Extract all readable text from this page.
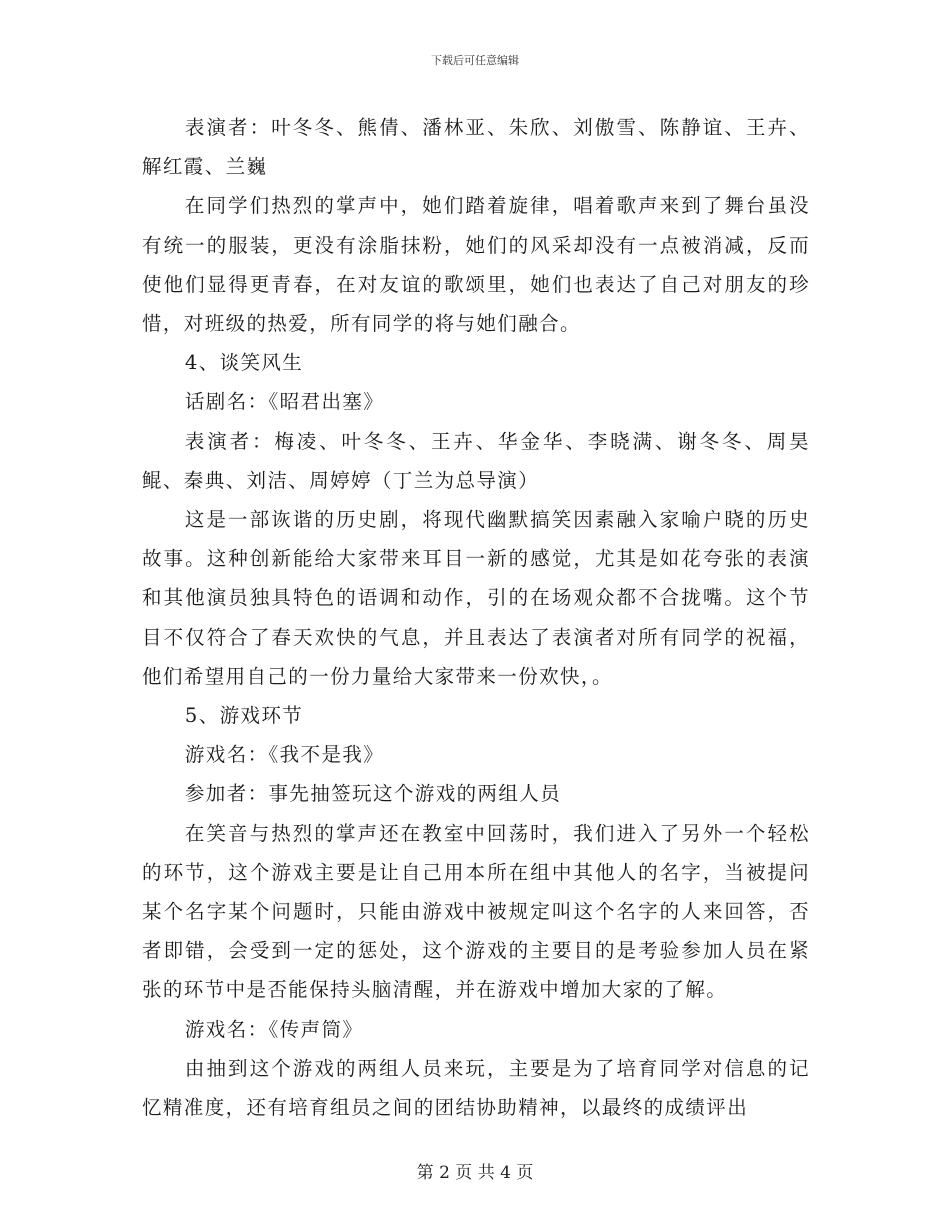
下载后可任意编辑

表演者：叶冬冬、熊倩、潘林亚、朱欣、刘傲雪、陈静谊、王卉、解红霞、兰巍

在同学们热烈的掌声中，她们踏着旋律，唱着歌声来到了舞台虽没有统一的服装，更没有涂脂抹粉，她们的风采却没有一点被消减，反而使他们显得更青春，在对友谊的歌颂里，她们也表达了自己对朋友的珍惜，对班级的热爱，所有同学的将与她们融合。

4、谈笑风生

话剧名：《昭君出塞》

表演者：梅凌、叶冬冬、王卉、华金华、李晓满、谢冬冬、周昊鲲、秦典、刘洁、周婷婷（丁兰为总导演）

这是一部诙谐的历史剧，将现代幽默搞笑因素融入家喻户晓的历史故事。这种创新能给大家带来耳目一新的感觉，尤其是如花夸张的表演和其他演员独具特色的语调和动作，引的在场观众都不合拢嘴。这个节目不仅符合了春天欢快的气息，并且表达了表演者对所有同学的祝福，他们希望用自己的一份力量给大家带来一份欢快，。

5、游戏环节

游戏名：《我不是我》

参加者：事先抽签玩这个游戏的两组人员

在笑音与热烈的掌声还在教室中回荡时，我们进入了另外一个轻松的环节，这个游戏主要是让自己用本所在组中其他人的名字，当被提问某个名字某个问题时，只能由游戏中被规定叫这个名字的人来回答，否者即错，会受到一定的惩处，这个游戏的主要目的是考验参加人员在紧张的环节中是否能保持头脑清醒，并在游戏中增加大家的了解。

游戏名：《传声筒》

由抽到这个游戏的两组人员来玩，主要是为了培育同学对信息的记忆精准度，还有培育组员之间的团结协助精神，以最终的成绩评出

第 2 页 共 4 页
